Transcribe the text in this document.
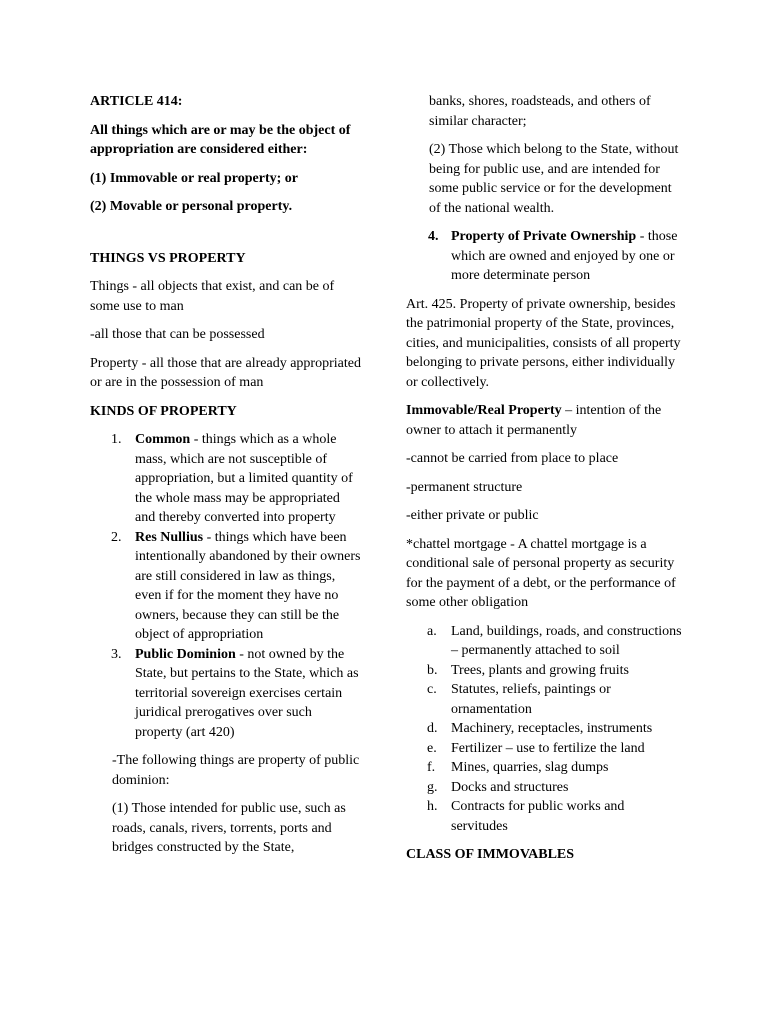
ARTICLE 414:

All things which are or may be the object of appropriation are considered either:

(1) Immovable or real property; or

(2) Movable or personal property.

THINGS VS PROPERTY

Things - all objects that exist, and can be of some use to man

-all those that can be possessed

Property - all those that are already appropriated or are in the possession of man

KINDS OF PROPERTY

1. Common - things which as a whole mass, which are not susceptible of appropriation, but a limited quantity of the whole mass may be appropriated and thereby converted into property
2. Res Nullius - things which have been intentionally abandoned by their owners are still considered in law as things, even if for the moment they have no owners, because they can still be the object of appropriation
3. Public Dominion - not owned by the State, but pertains to the State, which as territorial sovereign exercises certain juridical prerogatives over such property (art 420)

-The following things are property of public dominion:

(1) Those intended for public use, such as roads, canals, rivers, torrents, ports and bridges constructed by the State,

banks, shores, roadsteads, and others of similar character;

(2) Those which belong to the State, without being for public use, and are intended for some public service or for the development of the national wealth.

4. Property of Private Ownership - those which are owned and enjoyed by one or more determinate person

Art. 425. Property of private ownership, besides the patrimonial property of the State, provinces, cities, and municipalities, consists of all property belonging to private persons, either individually or collectively.

Immovable/Real Property – intention of the owner to attach it permanently

-cannot be carried from place to place

-permanent structure

-either private or public

*chattel mortgage - A chattel mortgage is a conditional sale of personal property as security for the payment of a debt, or the performance of some other obligation

a. Land, buildings, roads, and constructions – permanently attached to soil
b. Trees, plants and growing fruits
c. Statutes, reliefs, paintings or ornamentation
d. Machinery, receptacles, instruments
e. Fertilizer – use to fertilize the land
f. Mines, quarries, slag dumps
g. Docks and structures
h. Contracts for public works and servitudes

CLASS OF IMMOVABLES
